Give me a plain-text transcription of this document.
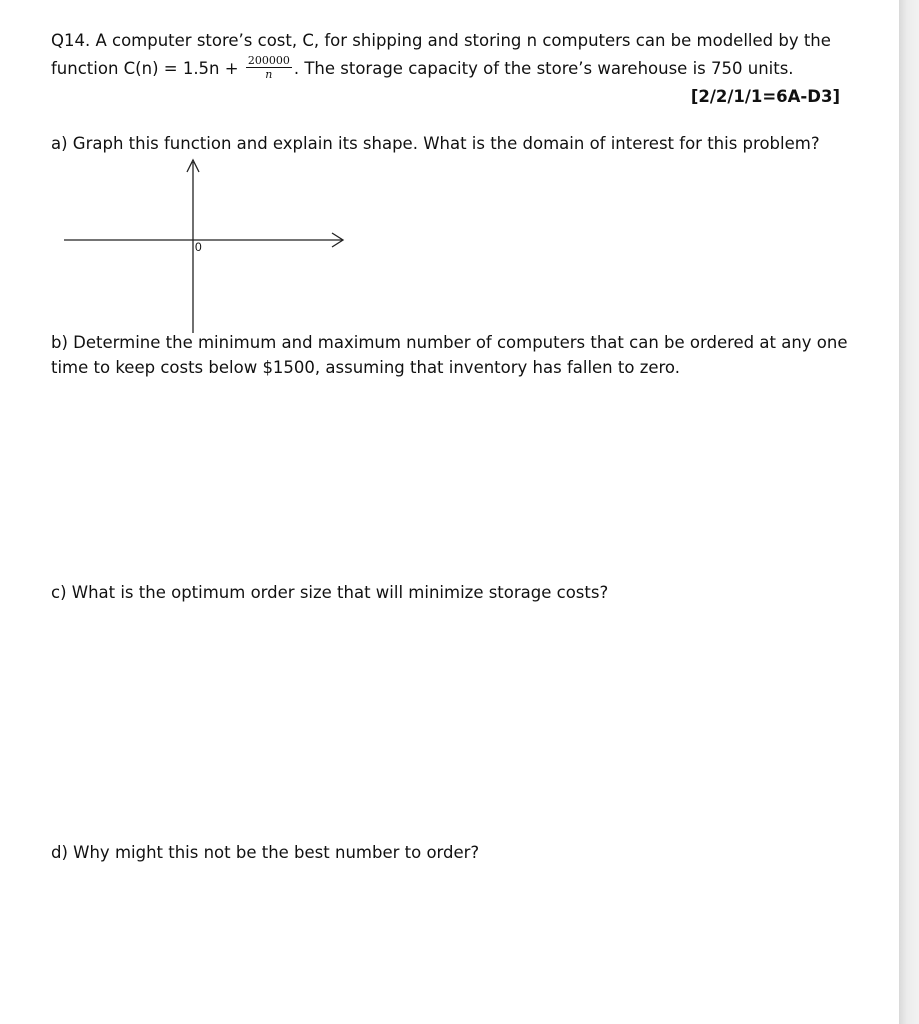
Q14. A computer store’s cost, C, for shipping and storing n computers can be modelled by the
function $C(n) = 1.5n + \frac{200000}{n}$ . The storage capacity of the store’s warehouse is 750 units.
[2/2/1/1=6A-D3]
a) Graph this function and explain its shape. What is the domain of interest for this problem?
0
b) Determine the minimum and maximum number of computers that can be ordered at any one
time to keep costs below $1500, assuming that inventory has fallen to zero.
c) What is the optimum order size that will minimize storage costs?
d) Why might this not be the best number to order?
